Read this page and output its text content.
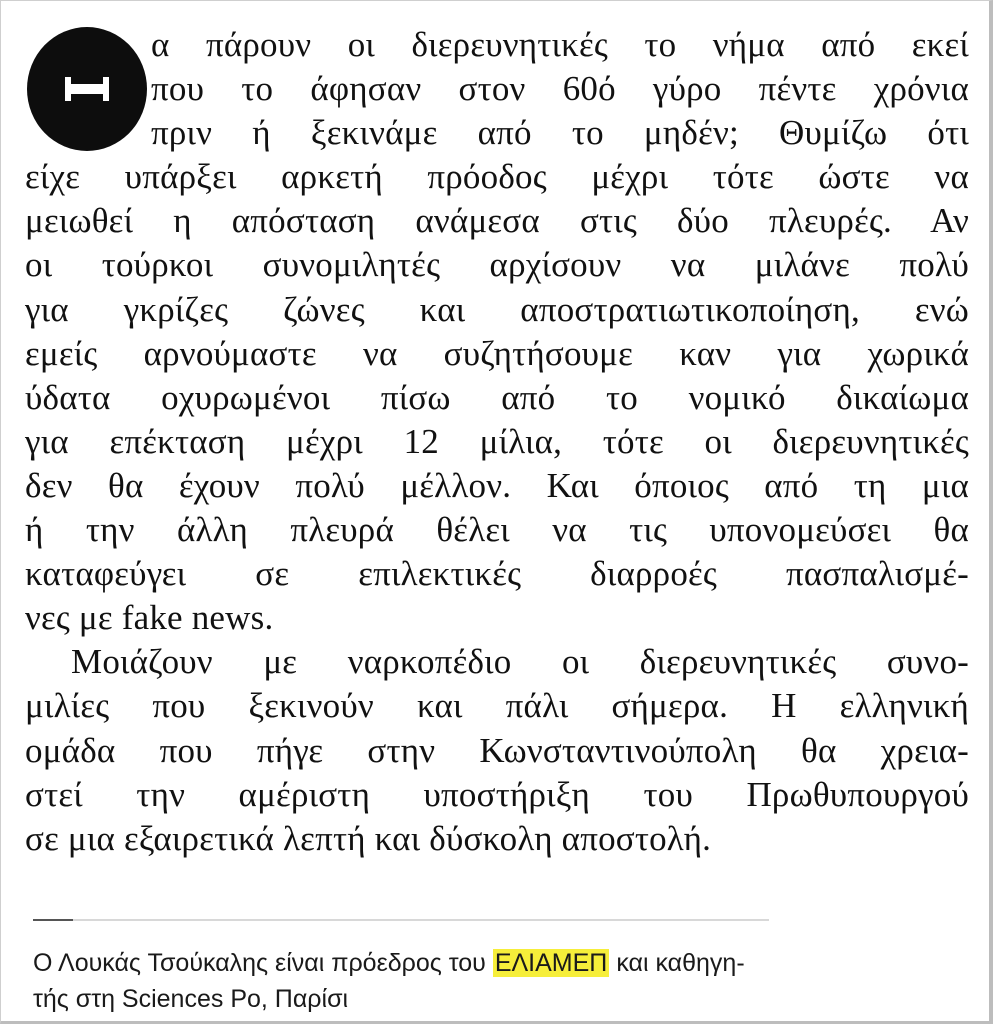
α πάρουν οι διερευνητικές το νήμα από εκεί
που το άφησαν στον 60ό γύρο πέντε χρόνια
πριν ή ξεκινάμε από το μηδέν; Θυμίζω ότι
είχε υπάρξει αρκετή πρόοδος μέχρι τότε ώστε να
μειωθεί η απόσταση ανάμεσα στις δύο πλευρές. Αν
οι τούρκοι συνομιλητές αρχίσουν να μιλάνε πολύ
για γκρίζες ζώνες και αποστρατιωτικοποίηση, ενώ
εμείς αρνούμαστε να συζητήσουμε καν για χωρικά
ύδατα οχυρωμένοι πίσω από το νομικό δικαίωμα
για επέκταση μέχρι 12 μίλια, τότε οι διερευνητικές
δεν θα έχουν πολύ μέλλον. Και όποιος από τη μια
ή την άλλη πλευρά θέλει να τις υπονομεύσει θα
καταφεύγει σε επιλεκτικές διαρροές πασπαλισμέ-
νες με fake news.
Μοιάζουν με ναρκοπέδιο οι διερευνητικές συνο-
μιλίες που ξεκινούν και πάλι σήμερα. Η ελληνική
ομάδα που πήγε στην Κωνσταντινούπολη θα χρεια-
στεί την αμέριστη υποστήριξη του Πρωθυπουργού
σε μια εξαιρετικά λεπτή και δύσκολη αποστολή.
Ο Λουκάς Τσούκαλης είναι πρόεδρος του ΕΛΙΑΜΕΠ και καθηγη-
τής στη Sciences Po, Παρίσι
